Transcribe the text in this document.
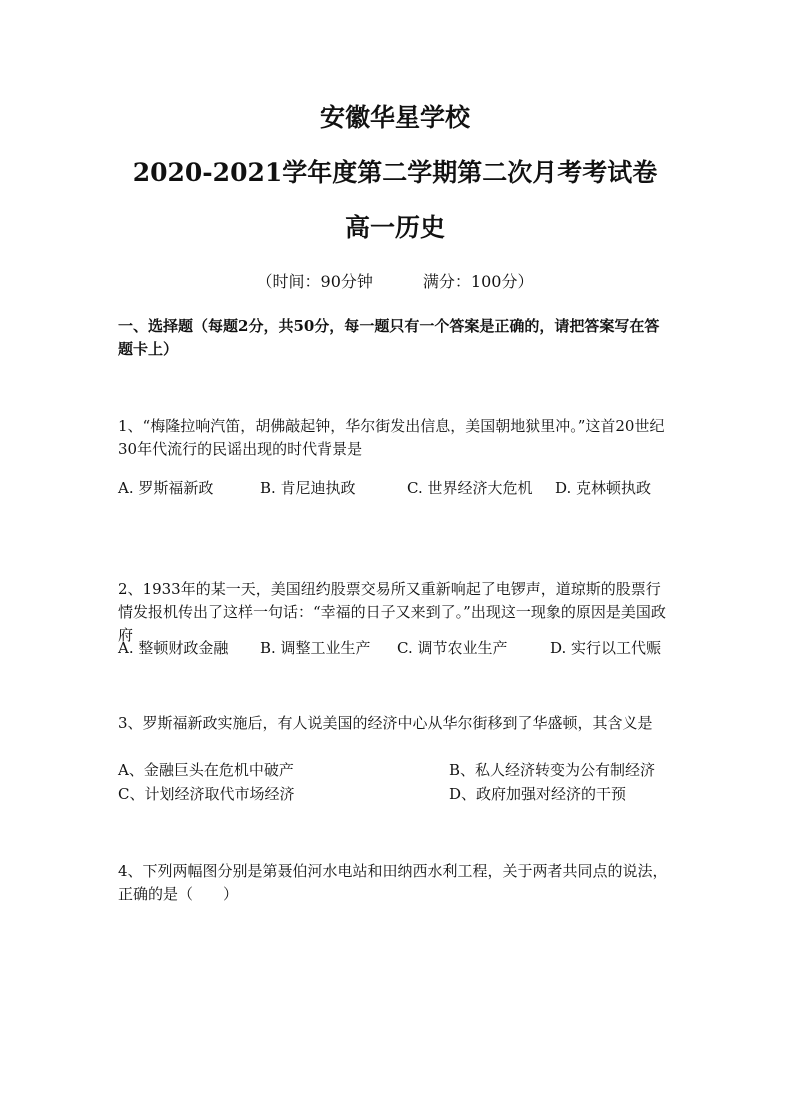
安徽华星学校
2020-2021学年度第二学期第二次月考考试卷
高一历史
（时间：90分钟	满分：100分）
一、选择题（每题2分，共50分，每一题只有一个答案是正确的，请把答案写在答题卡上）
1、“梅隆拉响汽笛，胡佛敲起钟，华尔街发出信息，美国朝地狱里冲。”这首20世纪30年代流行的民谣出现的时代背景是
A. 罗斯福新政	B. 肯尼迪执政	C. 世界经济大危机 D. 克林顿执政
2、1933年的某一天，美国纽约股票交易所又重新响起了电锣声，道琼斯的股票行情发报机传出了这样一句话：“幸福的日子又来到了。”出现这一现象的原因是美国政府
A. 整顿财政金融 B. 调整工业生产 C. 调节农业生产	D. 实行以工代赈
3、罗斯福新政实施后，有人说美国的经济中心从华尔街移到了华盛顿，其含义是
A、金融巨头在危机中破产	B、私人经济转变为公有制经济
C、计划经济取代市场经济	D、政府加强对经济的干预
4、下列两幅图分别是第聂伯河水电站和田纳西水利工程，关于两者共同点的说法，正确的是（　　）
